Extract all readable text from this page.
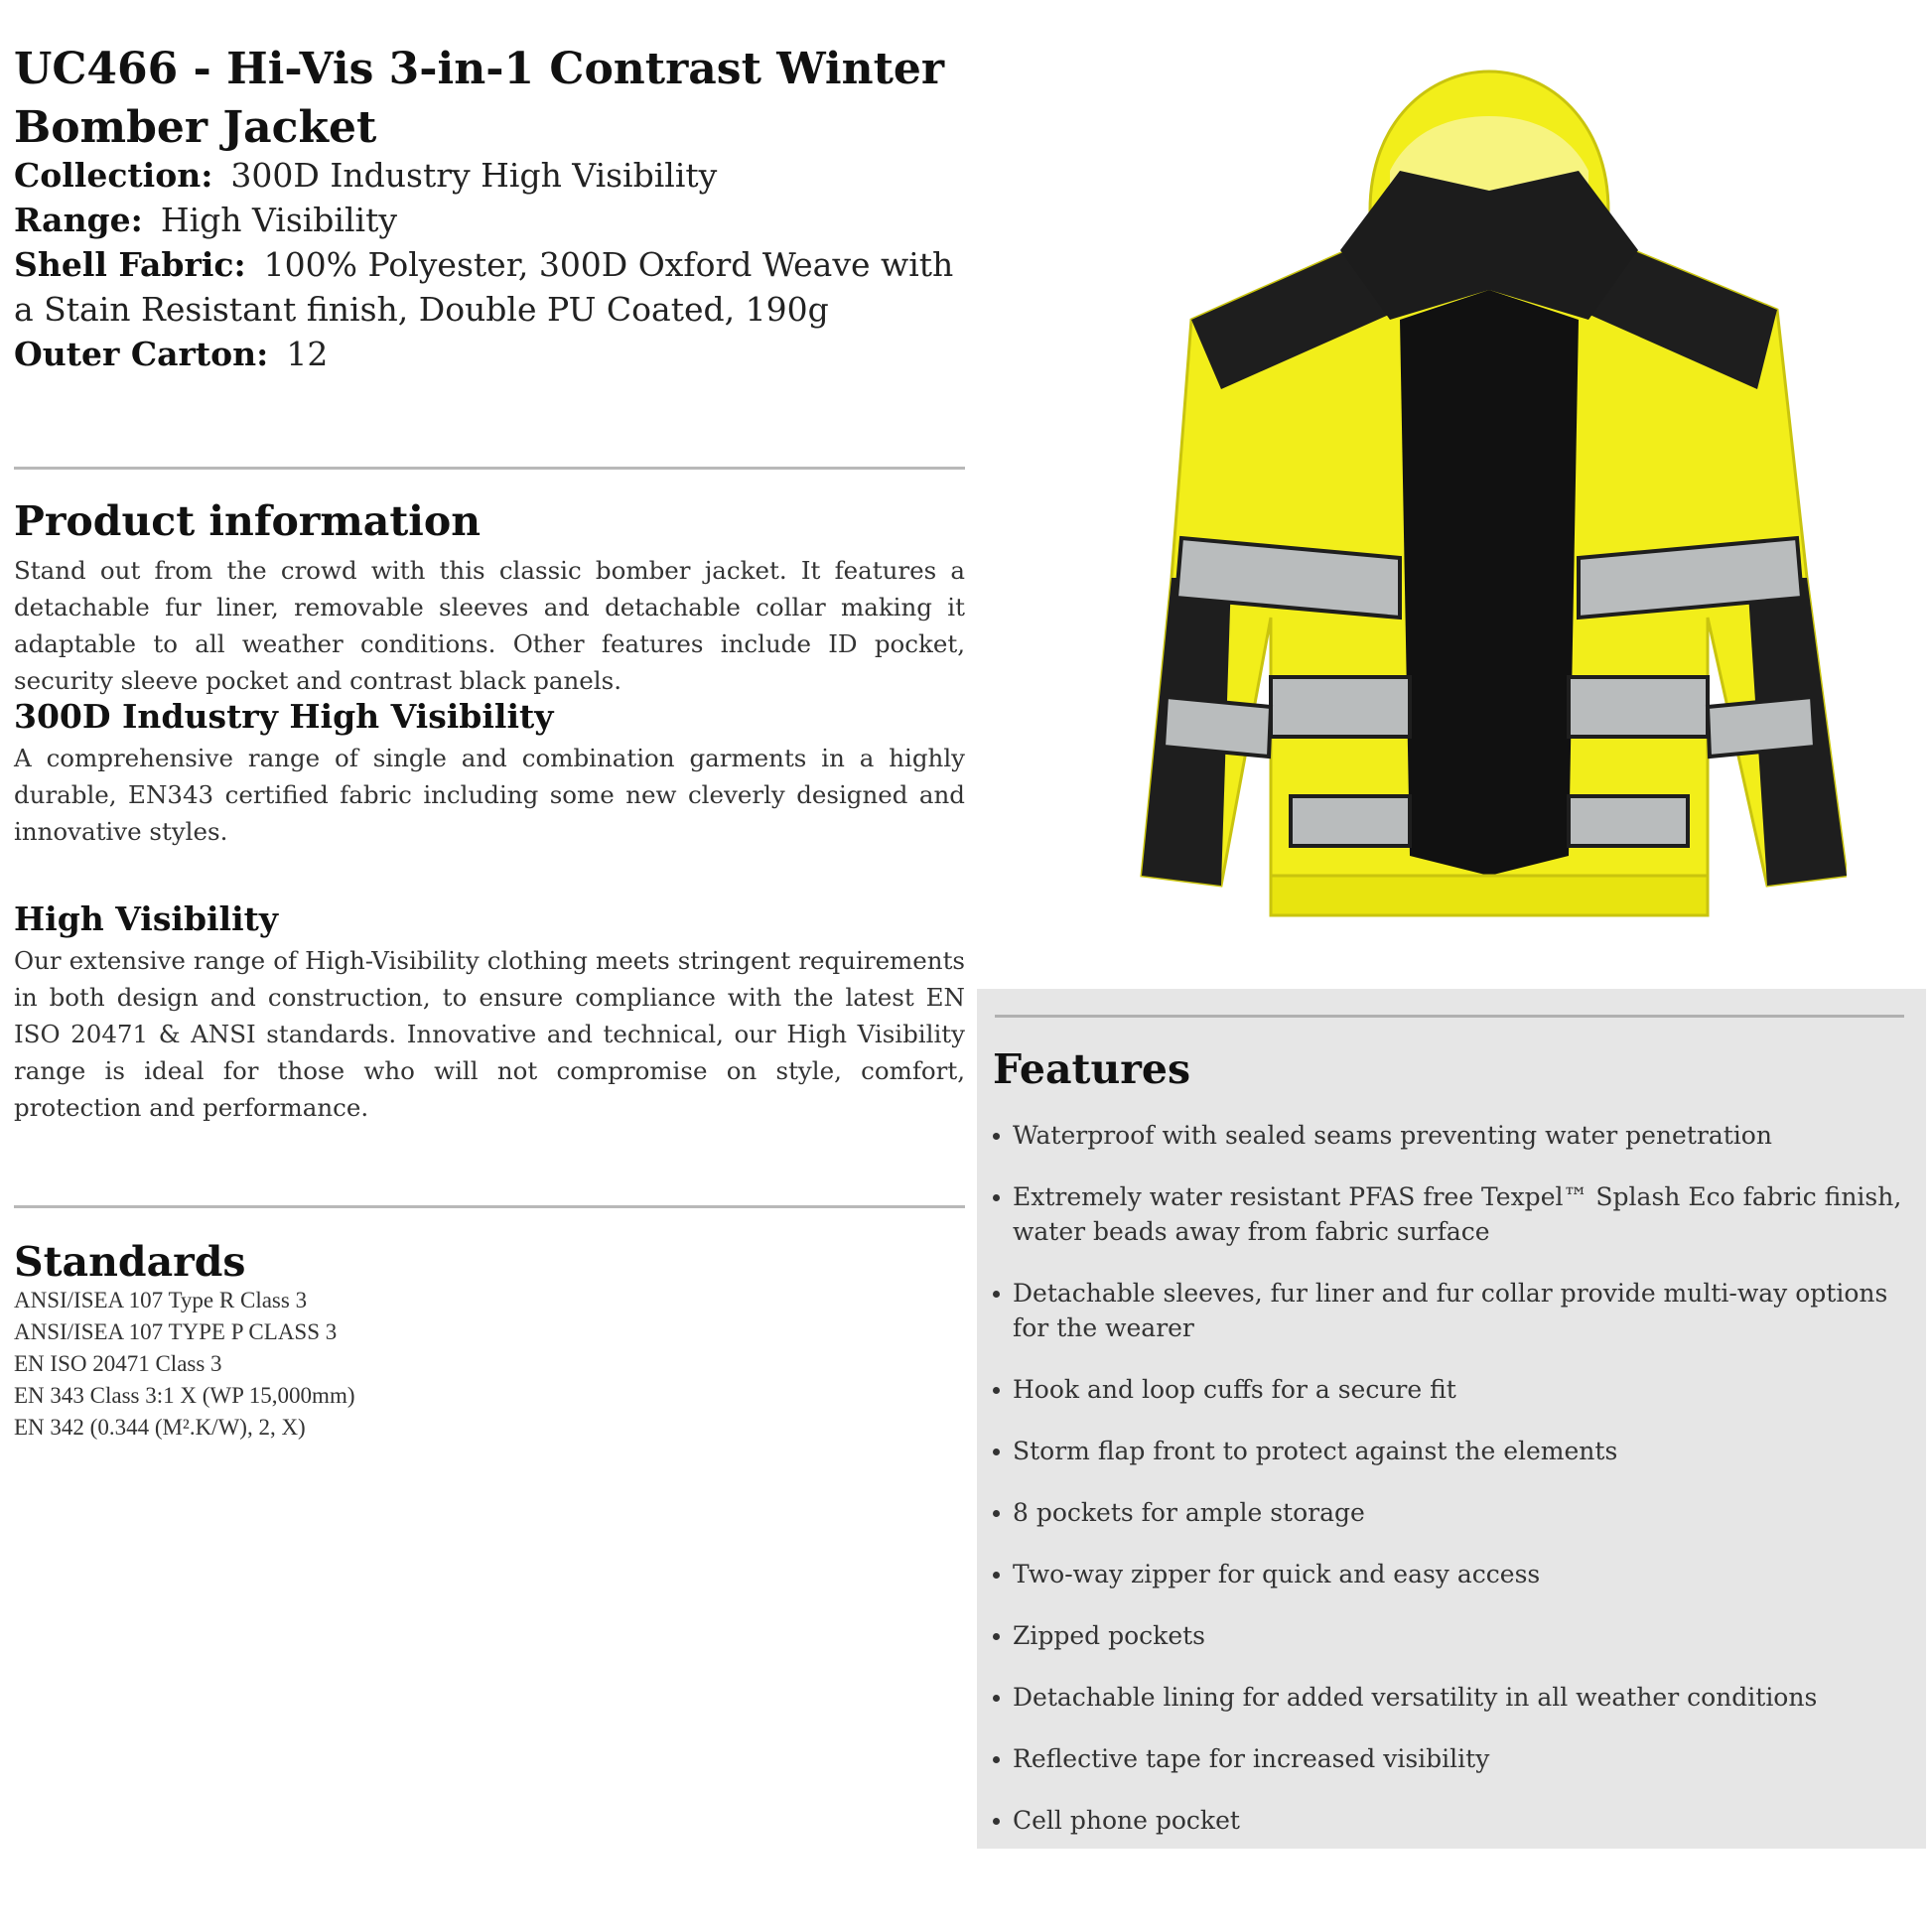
UC466 - Hi-Vis 3-in-1 Contrast Winter Bomber Jacket

Collection: 300D Industry High Visibility

Range: High Visibility

Shell Fabric: 100% Polyester, 300D Oxford Weave with a Stain Resistant finish, Double PU Coated, 190g

Outer Carton: 12

Product information

Stand out from the crowd with this classic bomber jacket. It features a detachable fur liner, removable sleeves and detachable collar making it adaptable to all weather conditions. Other features include ID pocket, security sleeve pocket and contrast black panels.

300D Industry High Visibility

A comprehensive range of single and combination garments in a highly durable, EN343 certified fabric including some new cleverly designed and innovative styles.

High Visibility

Our extensive range of High-Visibility clothing meets stringent requirements in both design and construction, to ensure compliance with the latest EN ISO 20471 & ANSI standards. Innovative and technical, our High Visibility range is ideal for those who will not compromise on style, comfort, protection and performance.

Standards
ANSI/ISEA 107 Type R Class 3
ANSI/ISEA 107 TYPE P CLASS 3
EN ISO 20471 Class 3
EN 343 Class 3:1 X (WP 15,000mm)
EN 342 (0.344 (M².K/W), 2, X)
Features
Waterproof with sealed seams preventing water penetration
Extremely water resistant PFAS free Texpel™ Splash Eco fabric finish, water beads away from fabric surface
Detachable sleeves, fur liner and fur collar provide multi-way options for the wearer
Hook and loop cuffs for a secure fit
Storm flap front to protect against the elements
8 pockets for ample storage
Two-way zipper for quick and easy access
Zipped pockets
Detachable lining for added versatility in all weather conditions
Reflective tape for increased visibility
Cell phone pocket
